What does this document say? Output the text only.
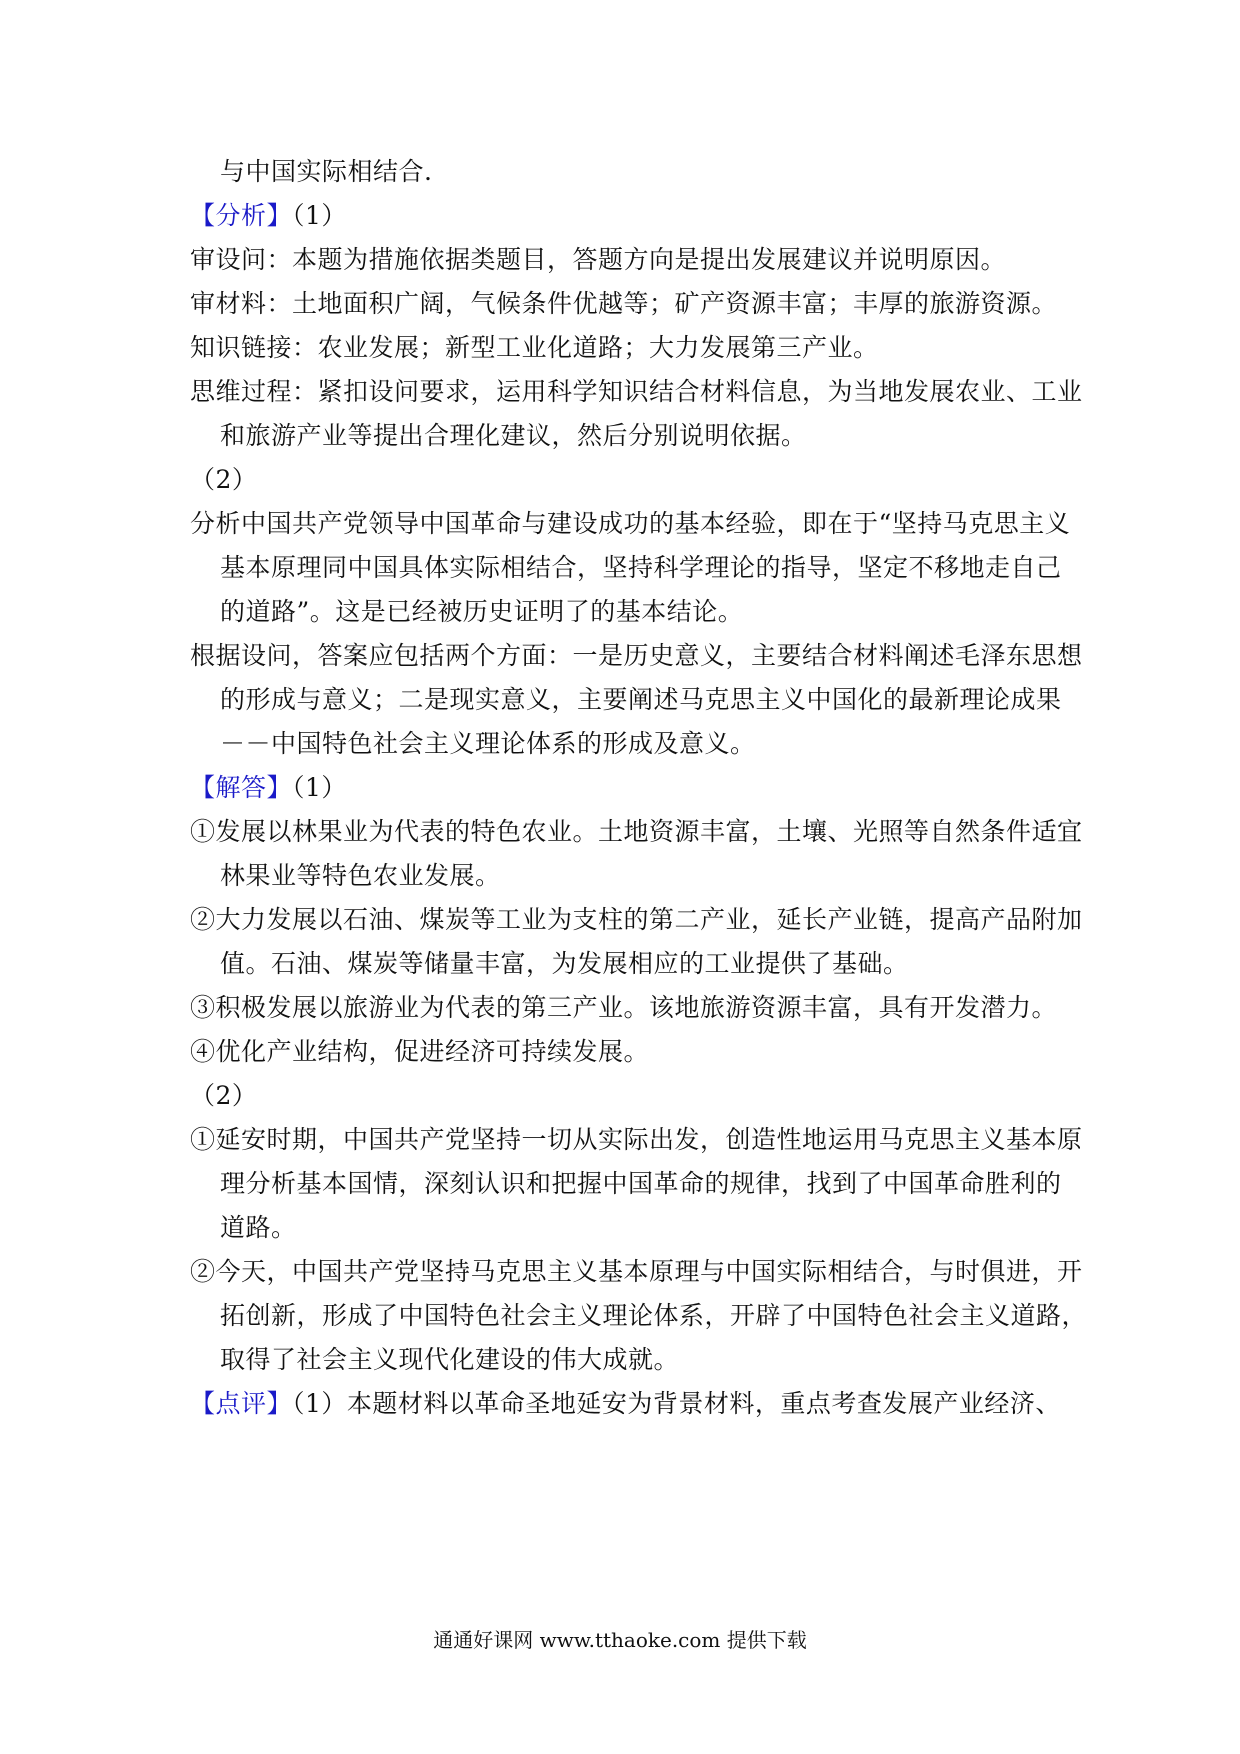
与中国实际相结合.
【分析】（1）
审设问：本题为措施依据类题目，答题方向是提出发展建议并说明原因。
审材料：土地面积广阔，气候条件优越等；矿产资源丰富；丰厚的旅游资源。
知识链接：农业发展；新型工业化道路；大力发展第三产业。
思维过程：紧扣设问要求，运用科学知识结合材料信息，为当地发展农业、工业
和旅游产业等提出合理化建议，然后分别说明依据。
（2）
分析中国共产党领导中国革命与建设成功的基本经验，即在于“坚持马克思主义
基本原理同中国具体实际相结合，坚持科学理论的指导，坚定不移地走自己
的道路”。这是已经被历史证明了的基本结论。
根据设问，答案应包括两个方面：一是历史意义，主要结合材料阐述毛泽东思想
的形成与意义；二是现实意义，主要阐述马克思主义中国化的最新理论成果
－－中国特色社会主义理论体系的形成及意义。
【解答】（1）
①发展以林果业为代表的特色农业。土地资源丰富，土壤、光照等自然条件适宜
林果业等特色农业发展。
②大力发展以石油、煤炭等工业为支柱的第二产业，延长产业链，提高产品附加
值。石油、煤炭等储量丰富，为发展相应的工业提供了基础。
③积极发展以旅游业为代表的第三产业。该地旅游资源丰富，具有开发潜力。
④优化产业结构，促进经济可持续发展。
（2）
①延安时期，中国共产党坚持一切从实际出发，创造性地运用马克思主义基本原
理分析基本国情，深刻认识和把握中国革命的规律，找到了中国革命胜利的
道路。
②今天，中国共产党坚持马克思主义基本原理与中国实际相结合，与时俱进，开
拓创新，形成了中国特色社会主义理论体系，开辟了中国特色社会主义道路，
取得了社会主义现代化建设的伟大成就。
【点评】（1）本题材料以革命圣地延安为背景材料，重点考查发展产业经济、
通通好课网 www.tthaoke.com 提供下载
